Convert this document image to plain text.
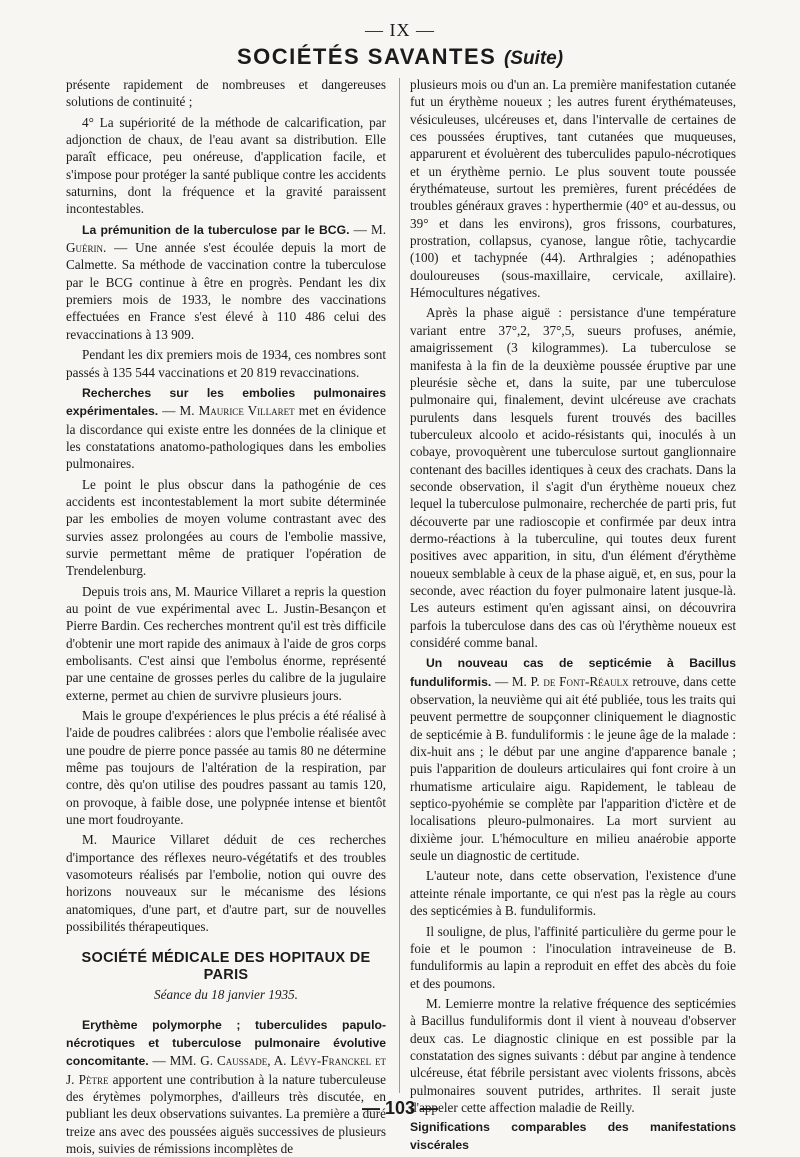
— IX —
SOCIÉTÉS SAVANTES (Suite)

présente rapidement de nombreuses et dangereuses solutions de continuité ;

4° La supériorité de la méthode de calcarification, par adjonction de chaux, de l'eau avant sa distribution. Elle paraît efficace, peu onéreuse, d'application facile, et s'impose pour protéger la santé publique contre les accidents saturnins, dont la fréquence et la gravité paraissent incontestables.

La prémunition de la tuberculose par le BCG. — M. Guérin. — Une année s'est écoulée depuis la mort de Calmette. Sa méthode de vaccination contre la tuberculose par le BCG continue à être en progrès. Pendant les dix premiers mois de 1933, le nombre des vaccinations effectuées en France s'est élevé à 110 486 celui des revaccinations à 13 909.

Pendant les dix premiers mois de 1934, ces nombres sont passés à 135 544 vaccinations et 20 819 revaccinations.

Recherches sur les embolies pulmonaires expérimentales. — M. Maurice Villaret met en évidence la discordance qui existe entre les données de la clinique et les constatations anatomo-pathologiques dans les embolies pulmonaires.

Le point le plus obscur dans la pathogénie de ces accidents est incontestablement la mort subite déterminée par les embolies de moyen volume contrastant avec des survies assez prolongées au cours de l'embolie massive, survie permettant même de pratiquer l'opération de Trendelenburg.

Depuis trois ans, M. Maurice Villaret a repris la question au point de vue expérimental avec L. Justin-Besançon et Pierre Bardin. Ces recherches montrent qu'il est très difficile d'obtenir une mort rapide des animaux à l'aide de gros corps embolisants. C'est ainsi que l'embolus énorme, représenté par une centaine de grosses perles du calibre de la jugulaire externe, permet au chien de survivre plusieurs jours.

Mais le groupe d'expériences le plus précis a été réalisé à l'aide de poudres calibrées : alors que l'embolie réalisée avec une poudre de pierre ponce passée au tamis 80 ne détermine même pas toujours de l'altération de la respiration, par contre, dès qu'on utilise des poudres passant au tamis 120, on provoque, à faible dose, une polypnée intense et bientôt une mort foudroyante.

M. Maurice Villaret déduit de ces recherches d'importance des réflexes neuro-végétatifs et des troubles vasomoteurs réalisés par l'embolie, notion qui ouvre des horizons nouveaux sur le mécanisme des lésions anatomiques, d'une part, et d'autre part, sur de nouvelles possibilités thérapeutiques.

SOCIÉTÉ MÉDICALE DES HOPITAUX DE PARIS

Séance du 18 janvier 1935.

Erythème polymorphe ; tuberculides papulo-nécrotiques et tuberculose pulmonaire évolutive concomitante. — MM. G. Caussade, A. Lévy-Franckel et J. Pètre apportent une contribution à la nature tuberculeuse des érytèmes polymorphes, d'ailleurs très discutée, en publiant les deux observations suivantes. La première a duré treize ans avec des poussées aiguës successives de plusieurs mois, suivies de rémissions incomplètes de

plusieurs mois ou d'un an. La première manifestation cutanée fut un érythème noueux ; les autres furent érythémateuses, vésiculeuses, ulcéreuses et, dans l'intervalle de certaines de ces poussées éruptives, tant cutanées que muqueuses, apparurent et évoluèrent des tuberculides papulo-nécrotiques et un érythème pernio. Le plus souvent toute poussée érythémateuse, surtout les premières, furent précédées de troubles généraux graves : hyperthermie (40° et au-dessus, ou 39° et dans les environs), gros frissons, courbatures, prostration, collapsus, cyanose, langue rôtie, tachycardie (100) et tachypnée (44). Arthralgies ; adénopathies douloureuses (sous-maxillaire, cervicale, axillaire). Hémocultures négatives.

Après la phase aiguë : persistance d'une température variant entre 37°,2, 37°,5, sueurs profuses, anémie, amaigrissement (3 kilogrammes). La tuberculose se manifesta à la fin de la deuxième poussée éruptive par une pleurésie sèche et, dans la suite, par une tuberculose pulmonaire qui, finalement, devint ulcéreuse ave crachats purulents dans lesquels furent trouvés des bacilles tuberculeux alcoolo et acido-résistants qui, inoculés à un cobaye, provoquèrent une tuberculose surtout ganglionnaire contenant des bacilles identiques à ceux des crachats. Dans la seconde observation, il s'agit d'un érythème noueux chez lequel la tuberculose pulmonaire, recherchée de parti pris, fut découverte par une radioscopie et confirmée par deux intra dermo-réactions à la tuberculine, qui toutes deux furent positives avec apparition, in situ, d'un élément d'érythème noueux semblable à ceux de la phase aiguë, et, en sus, pour la seconde, avec réaction du foyer pulmonaire latent jusque-là. Les auteurs estiment qu'en agissant ainsi, on découvrira parfois la tuberculose dans des cas où l'érythème noueux est considéré comme banal.

Un nouveau cas de septicémie à Bacillus funduliformis. — M. P. de Font-Réaulx retrouve, dans cette observation, la neuvième qui ait été publiée, tous les traits qui peuvent permettre de soupçonner cliniquement le diagnostic de septicémie à B. funduliformis : le jeune âge de la malade : dix-huit ans ; le début par une angine d'apparence banale ; puis l'apparition de douleurs articulaires qui font croire à un rhumatisme articulaire aigu. Rapidement, le tableau de septico-pyohémie se complète par l'apparition d'ictère et de localisations pleuro-pulmonaires. La mort survient au dixième jour. L'hémoculture en milieu anaérobie apporte seule un diagnostic de certitude.

L'auteur note, dans cette observation, l'existence d'une atteinte rénale importante, ce qui n'est pas la règle au cours des septicémies à B. funduliformis.

Il souligne, de plus, l'affinité particulière du germe pour le foie et le poumon : l'inoculation intraveineuse de B. funduliformis au lapin a reproduit en effet des abcès du foie et des poumons.

M. Lemierre montre la relative fréquence des septicémies à Bacillus funduliformis dont il vient à nouveau d'observer deux cas. Le diagnostic clinique en est possible par la constatation des signes suivants : début par angine à tendence ulcéreuse, état fébrile persistant avec violents frissons, abcès pulmonaires souvent putrides, arthrites. Il serait juste d'appeler cette affection maladie de Reilly.

Significations comparables des manifestations viscérales

— 103 —
